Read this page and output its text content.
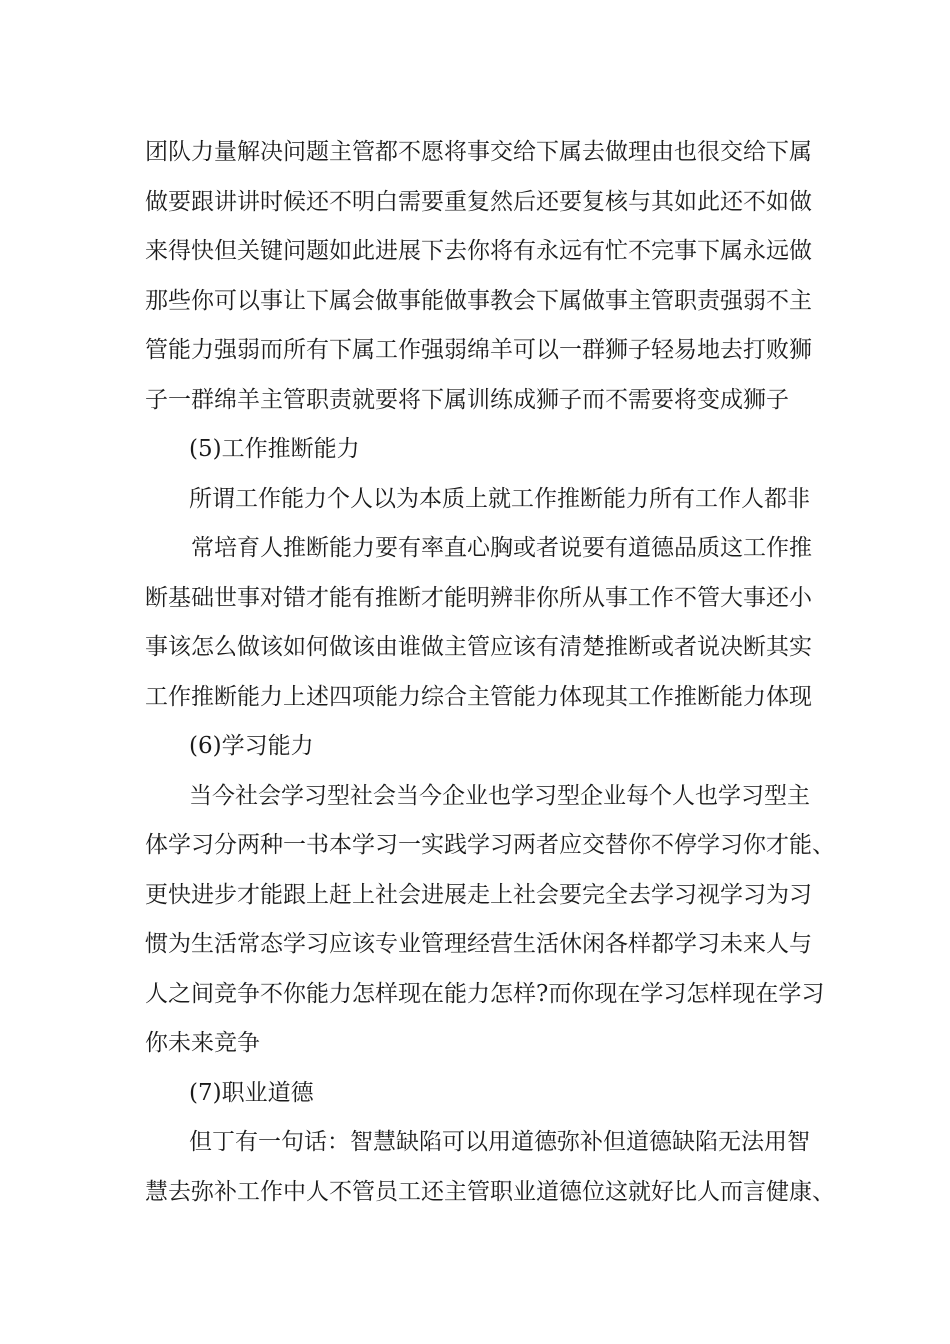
团队力量解决问题主管都不愿将事交给下属去做理由也很交给下属
做要跟讲讲时候还不明白需要重复然后还要复核与其如此还不如做
来得快但关键问题如此进展下去你将有永远有忙不完事下属永远做
那些你可以事让下属会做事能做事教会下属做事主管职责强弱不主
管能力强弱而所有下属工作强弱绵羊可以一群狮子轻易地去打败狮
子一群绵羊主管职责就要将下属训练成狮子而不需要将变成狮子
(5)工作推断能力
所谓工作能力个人以为本质上就工作推断能力所有工作人都非
常培育人推断能力要有率直心胸或者说要有道德品质这工作推
断基础世事对错才能有推断才能明辨非你所从事工作不管大事还小
事该怎么做该如何做该由谁做主管应该有清楚推断或者说决断其实
工作推断能力上述四项能力综合主管能力体现其工作推断能力体现
(6)学习能力
当今社会学习型社会当今企业也学习型企业每个人也学习型主
体学习分两种一书本学习一实践学习两者应交替你不停学习你才能、
更快进步才能跟上赶上社会进展走上社会要完全去学习视学习为习
惯为生活常态学习应该专业管理经营生活休闲各样都学习未来人与
人之间竞争不你能力怎样现在能力怎样?而你现在学习怎样现在学习
你未来竞争
(7)职业道德
但丁有一句话：智慧缺陷可以用道德弥补但道德缺陷无法用智
慧去弥补工作中人不管员工还主管职业道德位这就好比人而言健康、
